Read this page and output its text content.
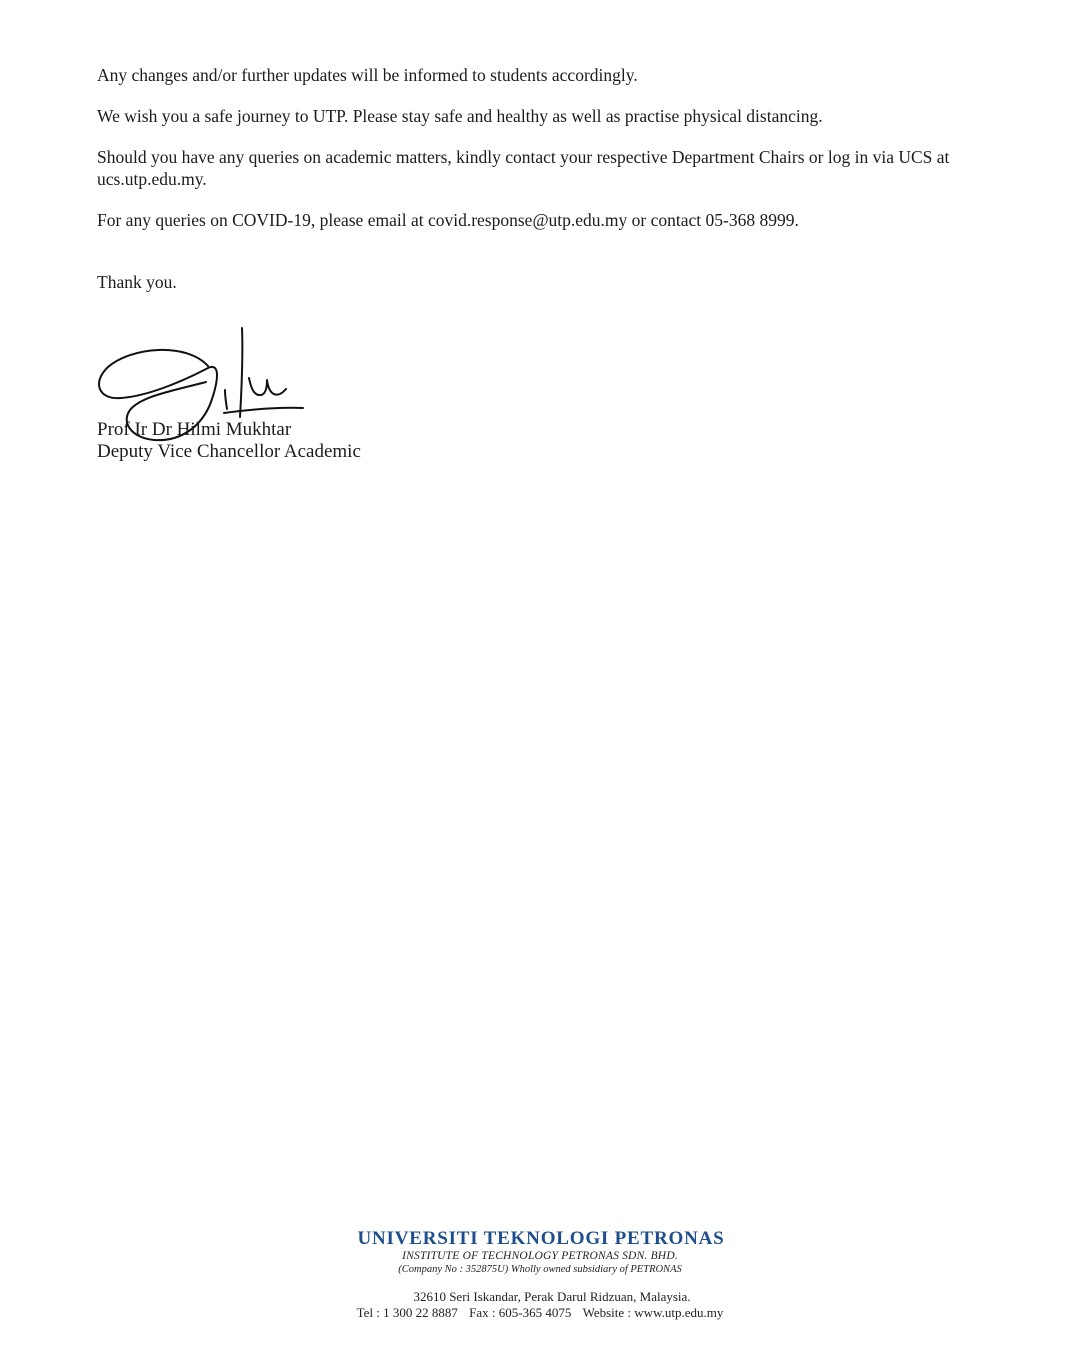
Any changes and/or further updates will be informed to students accordingly.

We wish you a safe journey to UTP. Please stay safe and healthy as well as practise physical distancing.

Should you have any queries on academic matters, kindly contact your respective Department Chairs or log in via UCS at ucs.utp.edu.my.

For any queries on COVID-19, please email at covid.response@utp.edu.my or contact 05-368 8999.

Thank you.

Prof Ir Dr Hilmi Mukhtar
Deputy Vice Chancellor Academic
UNIVERSITI TEKNOLOGI PETRONAS
INSTITUTE OF TECHNOLOGY PETRONAS SDN. BHD.
(Company No : 352875U) Wholly owned subsidiary of PETRONAS
32610 Seri Iskandar, Perak Darul Ridzuan, Malaysia.
Tel : 1 300 22 8887 Fax : 605-365 4075 Website : www.utp.edu.my
